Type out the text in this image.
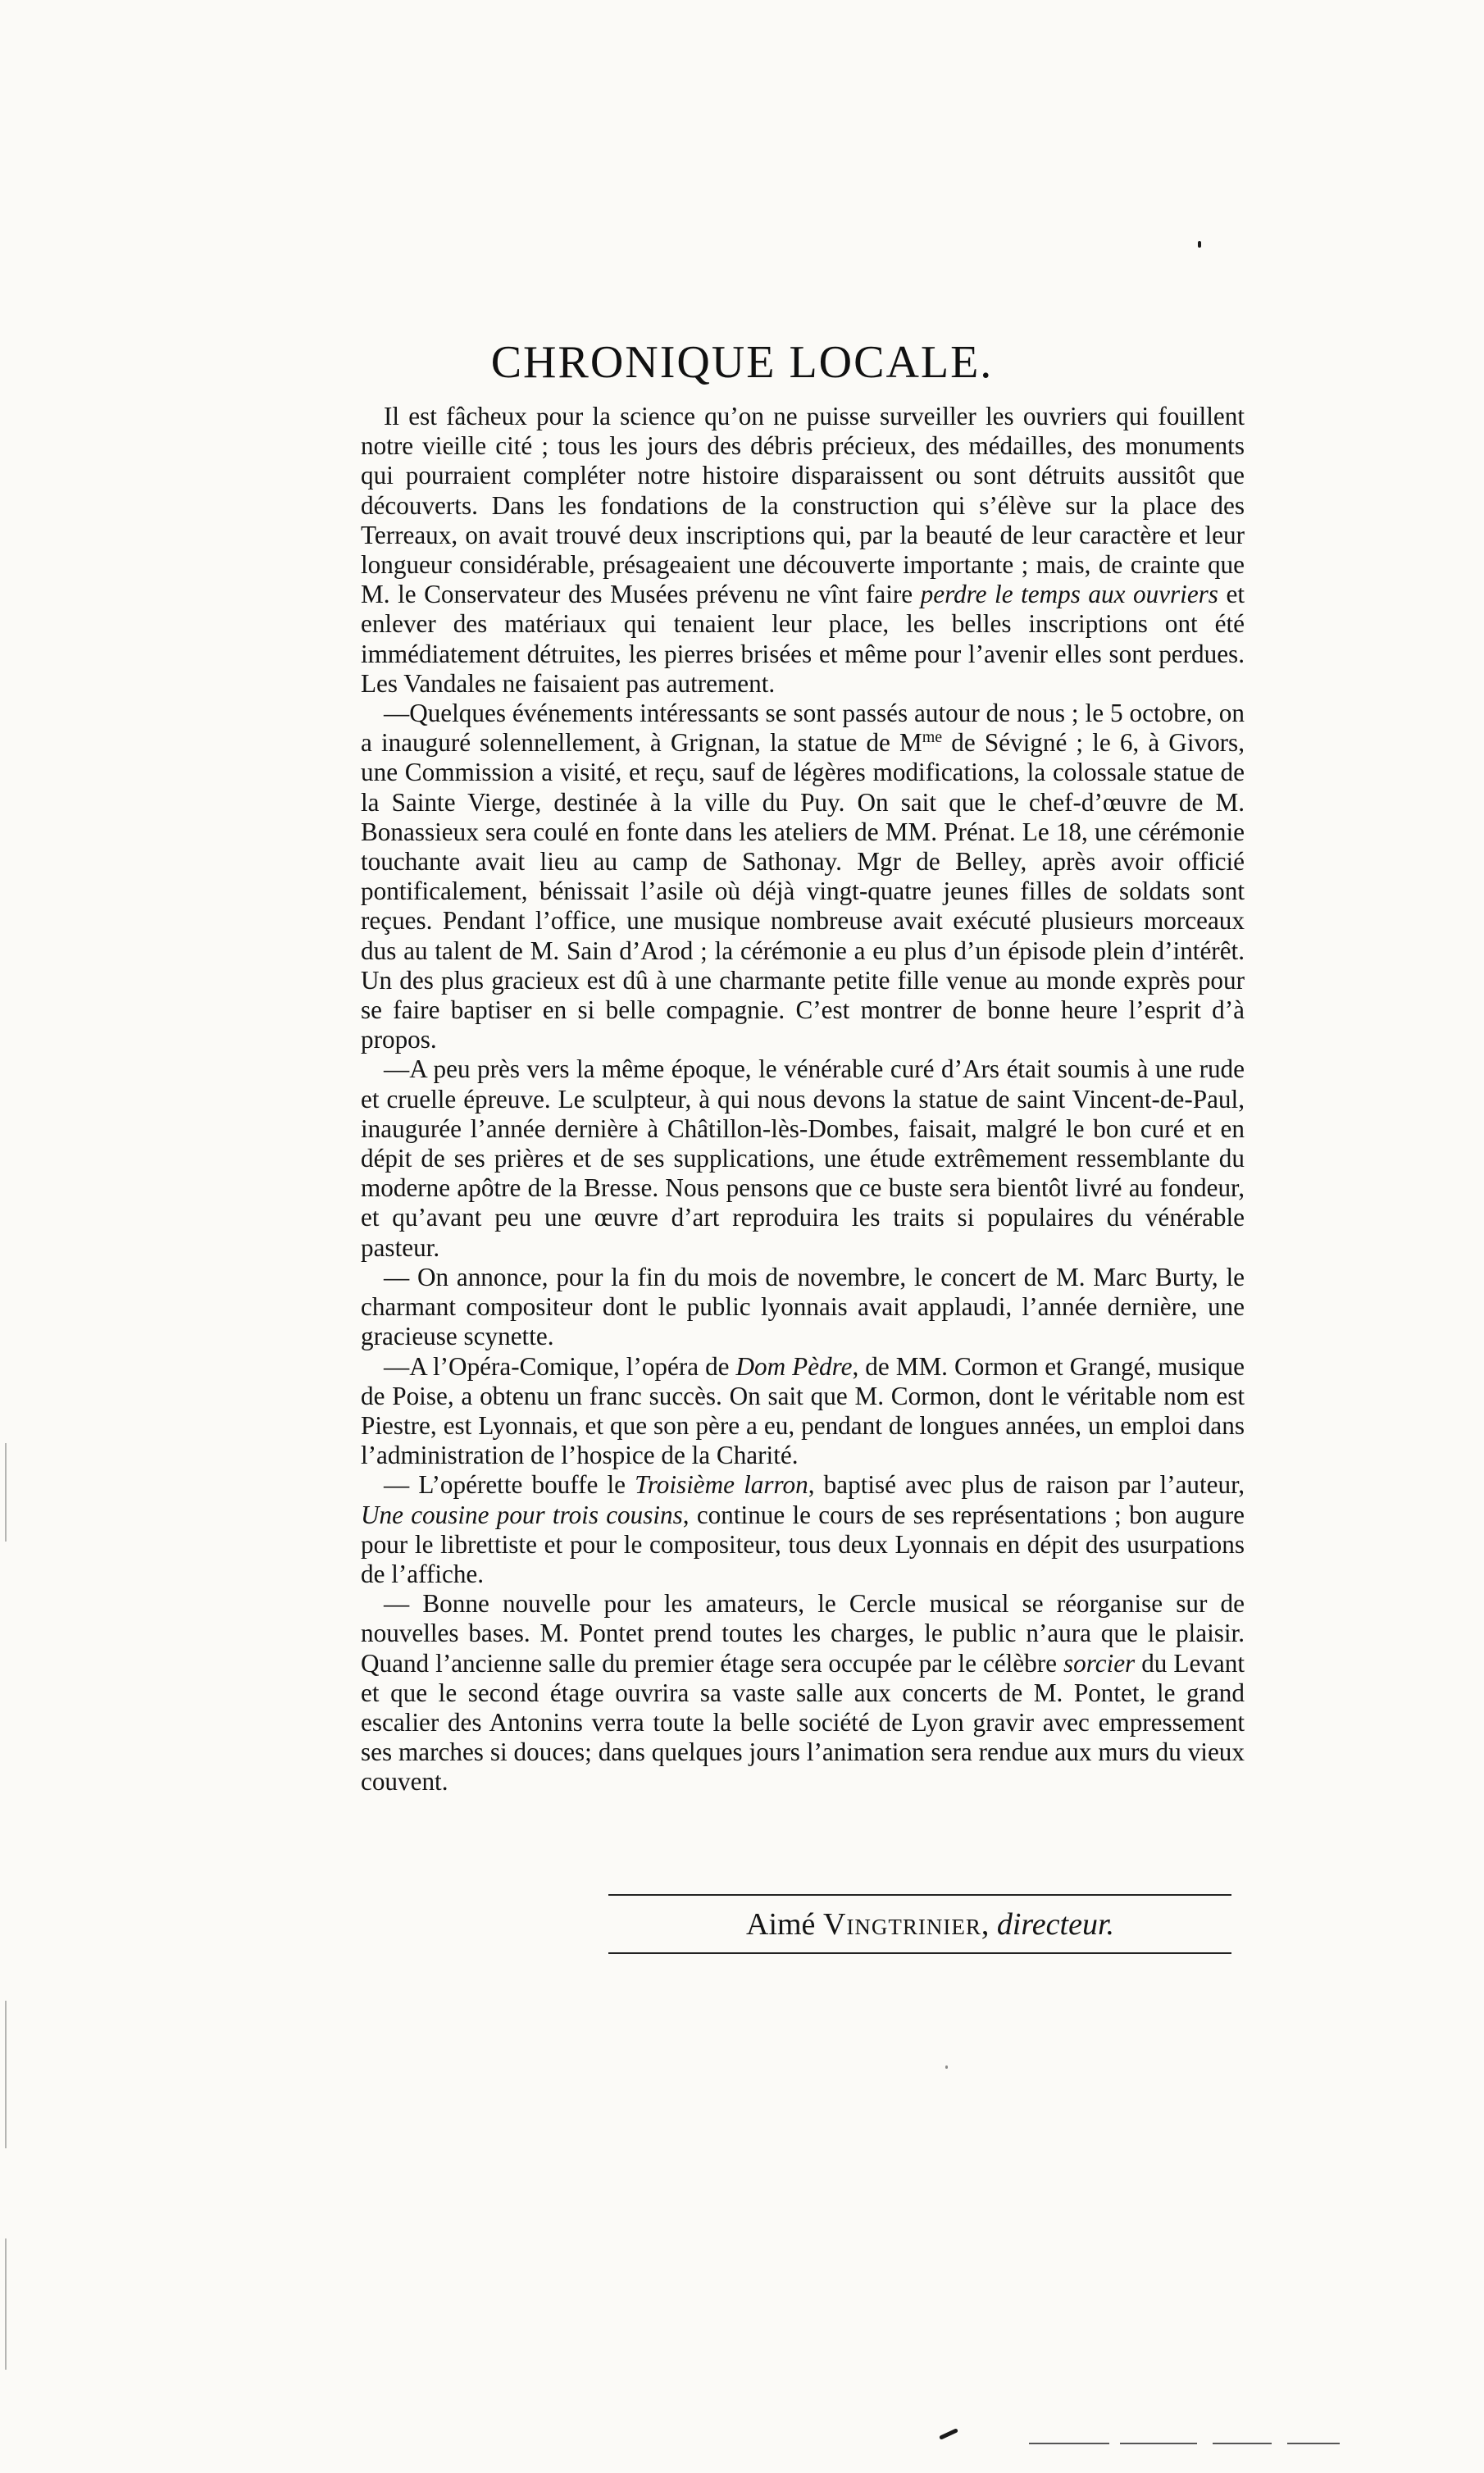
CHRONIQUE LOCALE.

Il est fâcheux pour la science qu’on ne puisse surveiller les ouvriers qui fouillent notre vieille cité ; tous les jours des débris précieux, des médailles, des monuments qui pourraient compléter notre histoire disparaissent ou sont détruits aussitôt que découverts. Dans les fondations de la construction qui s’élève sur la place des Terreaux, on avait trouvé deux inscriptions qui, par la beauté de leur caractère et leur longueur considérable, présageaient une découverte importante ; mais, de crainte que M. le Conservateur des Musées prévenu ne vînt faire perdre le temps aux ouvriers et enlever des matériaux qui tenaient leur place, les belles inscriptions ont été immédiatement détruites, les pierres brisées et même pour l’avenir elles sont perdues. Les Vandales ne faisaient pas autrement.

—Quelques événements intéressants se sont passés autour de nous ; le 5 octobre, on a inauguré solennellement, à Grignan, la statue de $M^{me}$ de Sévigné ; le 6, à Givors, une Commission a visité, et reçu, sauf de légères modifications, la colossale statue de la Sainte Vierge, destinée à la ville du Puy. On sait que le chef-d’œuvre de M. Bonassieux sera coulé en fonte dans les ateliers de MM. Prénat. Le 18, une cérémonie touchante avait lieu au camp de Sathonay. Mgr de Belley, après avoir officié pontificalement, bénissait l’asile où déjà vingt-quatre jeunes filles de soldats sont reçues. Pendant l’office, une musique nombreuse avait exécuté plusieurs morceaux dus au talent de M. Sain d’Arod ; la cérémonie a eu plus d’un épisode plein d’intérêt. Un des plus gracieux est dû à une charmante petite fille venue au monde exprès pour se faire baptiser en si belle compagnie. C’est montrer de bonne heure l’esprit d’à propos.

—A peu près vers la même époque, le vénérable curé d’Ars était soumis à une rude et cruelle épreuve. Le sculpteur, à qui nous devons la statue de saint Vincent-de-Paul, inaugurée l’année dernière à Châtillon-lès-Dombes, faisait, malgré le bon curé et en dépit de ses prières et de ses supplications, une étude extrêmement ressemblante du moderne apôtre de la Bresse. Nous pensons que ce buste sera bientôt livré au fondeur, et qu’avant peu une œuvre d’art reproduira les traits si populaires du vénérable pasteur.

— On annonce, pour la fin du mois de novembre, le concert de M. Marc Burty, le charmant compositeur dont le public lyonnais avait applaudi, l’année dernière, une gracieuse scynette.

—A l’Opéra-Comique, l’opéra de Dom Pèdre, de MM. Cormon et Grangé, musique de Poise, a obtenu un franc succès. On sait que M. Cormon, dont le véritable nom est Piestre, est Lyonnais, et que son père a eu, pendant de longues années, un emploi dans l’administration de l’hospice de la Charité.

— L’opérette bouffe le Troisième larron, baptisé avec plus de raison par l’auteur, Une cousine pour trois cousins, continue le cours de ses représentations ; bon augure pour le librettiste et pour le compositeur, tous deux Lyonnais en dépit des usurpations de l’affiche.

— Bonne nouvelle pour les amateurs, le Cercle musical se réorganise sur de nouvelles bases. M. Pontet prend toutes les charges, le public n’aura que le plaisir. Quand l’ancienne salle du premier étage sera occupée par le célèbre sorcier du Levant et que le second étage ouvrira sa vaste salle aux concerts de M. Pontet, le grand escalier des Antonins verra toute la belle société de Lyon gravir avec empressement ses marches si douces; dans quelques jours l’animation sera rendue aux murs du vieux couvent.

Aimé Vingtrinier, directeur.
